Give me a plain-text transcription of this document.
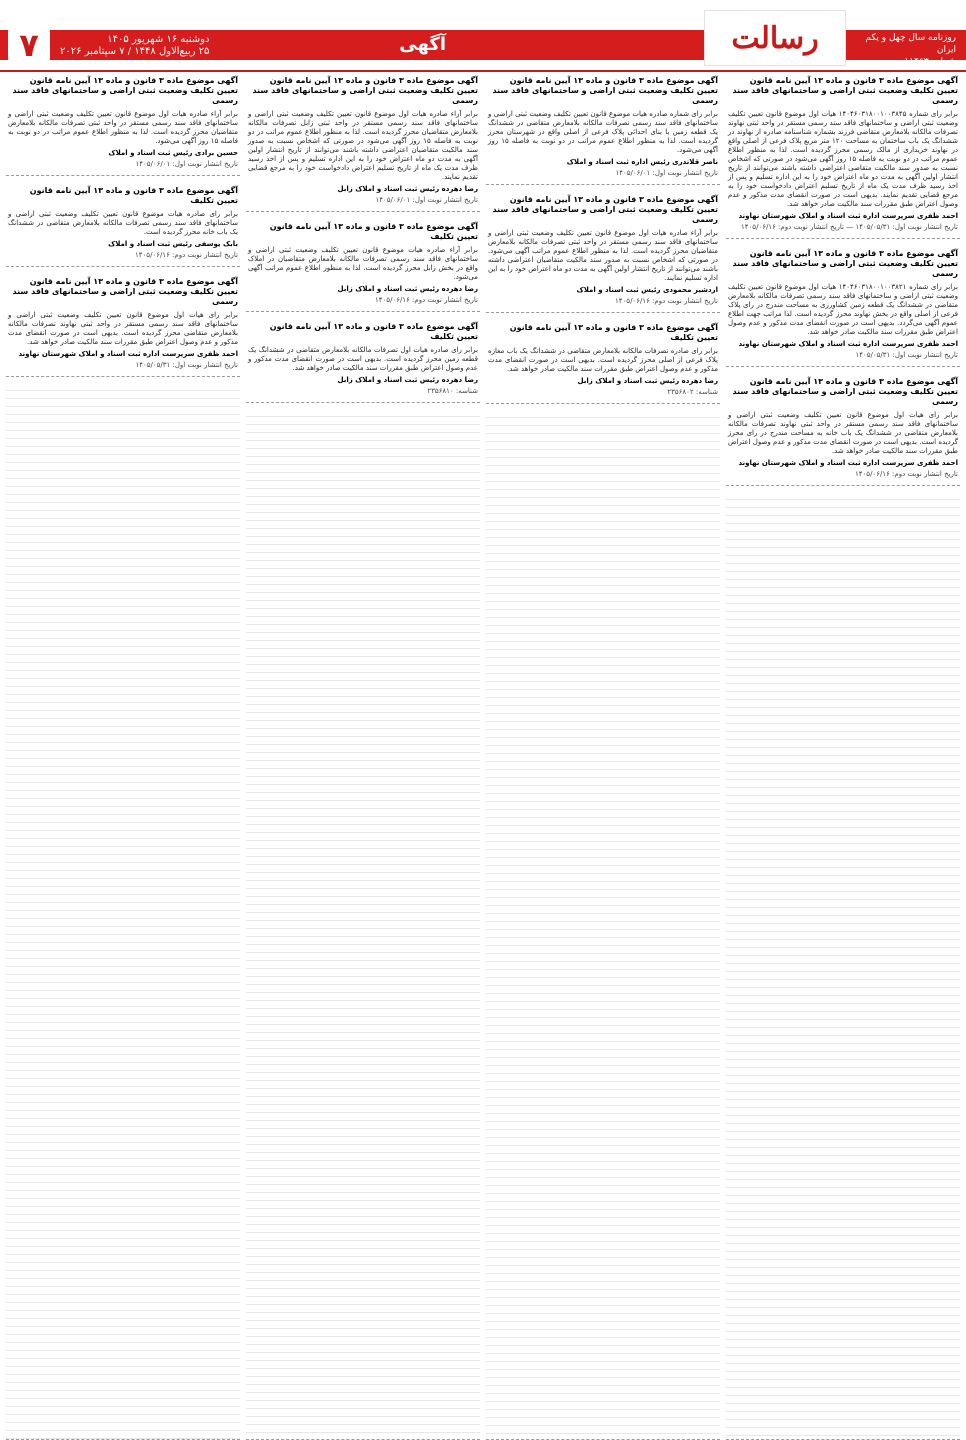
رسالت	روزنامه سال چهل و یکم
ایران
شماره ۱۱۴۶۳
آگهی
دوشنبه ۱۶ شهریور ۱۴۰۵
۲۵ ربیع‌الاول ۱۴۴۸ / ۷ سپتامبر ۲۰۲۶
۷
آگهی موضوع ماده ۳ قانون و ماده ۱۳ آیین نامه قانون تعیین تکلیف وضعیت ثبتی اراضی و ساختمانهای فاقد سند رسمی

برابر رای شماره ۱۴۰۴۶۰۳۱۸۰۰۱۰۰۳۸۴۵ هیات اول موضوع قانون تعیین تکلیف وضعیت ثبتی اراضی و ساختمانهای فاقد سند رسمی مستقر در واحد ثبتی نهاوند تصرفات مالکانه بلامعارض متقاضی فرزند بشماره شناسنامه صادره از نهاوند در ششدانگ یک باب ساختمان به مساحت ۱۲۰ متر مربع پلاک فرعی از اصلی واقع در نهاوند خریداری از مالک رسمی محرز گردیده است. لذا به منظور اطلاع عموم مراتب در دو نوبت به فاصله ۱۵ روز آگهی می‌شود در صورتی که اشخاص نسبت به صدور سند مالکیت متقاضی اعتراضی داشته باشند می‌توانند از تاریخ انتشار اولین آگهی به مدت دو ماه اعتراض خود را به این اداره تسلیم و پس از اخذ رسید ظرف مدت یک ماه از تاریخ تسلیم اعتراض دادخواست خود را به مرجع قضایی تقدیم نمایند. بدیهی است در صورت انقضای مدت مذکور و عدم وصول اعتراض طبق مقررات سند مالکیت صادر خواهد شد.

احمد ظفری سرپرست اداره ثبت اسناد و املاک شهرستان نهاوند
تاریخ انتشار نوبت اول: ۱۴۰۵/۰۵/۳۱ — تاریخ انتشار نوبت دوم: ۱۴۰۵/۰۶/۱۶
آگهی موضوع ماده ۳ قانون و ماده ۱۳ آیین نامه قانون تعیین تکلیف وضعیت ثبتی اراضی و ساختمانهای فاقد سند رسمی

برابر رای شماره ۱۴۰۴۶۰۳۱۸۰۰۱۰۰۳۸۲۱ هیات اول موضوع قانون تعیین تکلیف وضعیت ثبتی اراضی و ساختمانهای فاقد سند رسمی تصرفات مالکانه بلامعارض متقاضی در ششدانگ یک قطعه زمین کشاورزی به مساحت مندرج در رای پلاک فرعی از اصلی واقع در بخش نهاوند محرز گردیده است. لذا مراتب جهت اطلاع عموم آگهی می‌گردد. بدیهی است در صورت انقضای مدت مذکور و عدم وصول اعتراض طبق مقررات سند مالکیت صادر خواهد شد.

احمد ظفری سرپرست اداره ثبت اسناد و املاک شهرستان نهاوند
تاریخ انتشار نوبت اول: ۱۴۰۵/۰۵/۳۱
آگهی موضوع ماده ۳ قانون و ماده ۱۳ آیین نامه قانون تعیین تکلیف وضعیت ثبتی اراضی و ساختمانهای فاقد سند رسمی

برابر رای هیات اول موضوع قانون تعیین تکلیف وضعیت ثبتی اراضی و ساختمانهای فاقد سند رسمی مستقر در واحد ثبتی نهاوند تصرفات مالکانه بلامعارض متقاضی در ششدانگ یک باب خانه به مساحت مندرج در رای محرز گردیده است. بدیهی است در صورت انقضای مدت مذکور و عدم وصول اعتراض طبق مقررات سند مالکیت صادر خواهد شد.

احمد ظفری سرپرست اداره ثبت اسناد و املاک شهرستان نهاوند
تاریخ انتشار نوبت دوم: ۱۴۰۵/۰۶/۱۶
آگهی موضوع ماده ۳ قانون و ماده ۱۳ آیین نامه قانون تعیین تکلیف وضعیت ثبتی اراضی و ساختمانهای فاقد سند رسمی

برابر رای شماره صادره هیات موضوع قانون تعیین تکلیف وضعیت ثبتی اراضی و ساختمانهای فاقد سند رسمی تصرفات مالکانه بلامعارض متقاضی در ششدانگ یک قطعه زمین با بنای احداثی پلاک فرعی از اصلی واقع در شهرستان محرز گردیده است. لذا به منظور اطلاع عموم مراتب در دو نوبت به فاصله ۱۵ روز آگهی می‌شود.

ناصر قلاندری رئیس اداره ثبت اسناد و املاک
تاریخ انتشار نوبت اول: ۱۴۰۵/۰۶/۰۱
آگهی موضوع ماده ۳ قانون و ماده ۱۳ آیین نامه قانون تعیین تکلیف وضعیت ثبتی اراضی و ساختمانهای فاقد سند رسمی

برابر آراء صادره هیات اول موضوع قانون تعیین تکلیف وضعیت ثبتی اراضی و ساختمانهای فاقد سند رسمی مستقر در واحد ثبتی تصرفات مالکانه بلامعارض متقاضیان محرز گردیده است. لذا به منظور اطلاع عموم مراتب آگهی می‌شود. در صورتی که اشخاص نسبت به صدور سند مالکیت متقاضیان اعتراضی داشته باشند می‌توانند از تاریخ انتشار اولین آگهی به مدت دو ماه اعتراض خود را به این اداره تسلیم نمایند.

اردشیر محمودی رئیس ثبت اسناد و املاک
تاریخ انتشار نوبت دوم: ۱۴۰۵/۰۶/۱۶
آگهی موضوع ماده ۳ قانون و ماده ۱۳ آیین نامه قانون تعیین تکلیف

برابر رای صادره تصرفات مالکانه بلامعارض متقاضی در ششدانگ یک باب مغازه پلاک فرعی از اصلی محرز گردیده است. بدیهی است در صورت انقضای مدت مذکور و عدم وصول اعتراض طبق مقررات سند مالکیت صادر خواهد شد.

رضا دهرده رئیس ثبت اسناد و املاک زابل
شناسه: ۲۳۵۶۸۰۲
آگهی موضوع ماده ۳ قانون و ماده ۱۳ آیین نامه قانون تعیین تکلیف وضعیت ثبتی اراضی و ساختمانهای فاقد سند رسمی

برابر آراء صادره هیات اول موضوع قانون تعیین تکلیف وضعیت ثبتی اراضی و ساختمانهای فاقد سند رسمی مستقر در واحد ثبتی زابل تصرفات مالکانه بلامعارض متقاضیان محرز گردیده است. لذا به منظور اطلاع عموم مراتب در دو نوبت به فاصله ۱۵ روز آگهی می‌شود در صورتی که اشخاص نسبت به صدور سند مالکیت متقاضیان اعتراضی داشته باشند می‌توانند از تاریخ انتشار اولین آگهی به مدت دو ماه اعتراض خود را به این اداره تسلیم و پس از اخذ رسید ظرف مدت یک ماه از تاریخ تسلیم اعتراض دادخواست خود را به مرجع قضایی تقدیم نمایند.

رضا دهرده رئیس ثبت اسناد و املاک زابل
تاریخ انتشار نوبت اول: ۱۴۰۵/۰۶/۰۱
آگهی موضوع ماده ۳ قانون و ماده ۱۳ آیین نامه قانون تعیین تکلیف

برابر آراء صادره هیات موضوع قانون تعیین تکلیف وضعیت ثبتی اراضی و ساختمانهای فاقد سند رسمی تصرفات مالکانه بلامعارض متقاضیان در املاک واقع در بخش زابل محرز گردیده است. لذا به منظور اطلاع عموم مراتب آگهی می‌شود.

رضا دهرده رئیس ثبت اسناد و املاک زابل
تاریخ انتشار نوبت دوم: ۱۴۰۵/۰۶/۱۶
آگهی موضوع ماده ۳ قانون و ماده ۱۳ آیین نامه قانون تعیین تکلیف

برابر رای صادره هیات اول تصرفات مالکانه بلامعارض متقاضی در ششدانگ یک قطعه زمین محرز گردیده است. بدیهی است در صورت انقضای مدت مذکور و عدم وصول اعتراض طبق مقررات سند مالکیت صادر خواهد شد.

رضا دهرده رئیس ثبت اسناد و املاک زابل
شناسه: ۲۳۵۶۸۱۰
آگهی موضوع ماده ۳ قانون و ماده ۱۳ آیین نامه قانون تعیین تکلیف وضعیت ثبتی اراضی و ساختمانهای فاقد سند رسمی

برابر آراء صادره هیات اول موضوع قانون تعیین تکلیف وضعیت ثبتی اراضی و ساختمانهای فاقد سند رسمی مستقر در واحد ثبتی تصرفات مالکانه بلامعارض متقاضیان محرز گردیده است. لذا به منظور اطلاع عموم مراتب در دو نوبت به فاصله ۱۵ روز آگهی می‌شود.

حسین برادی رئیس ثبت اسناد و املاک
تاریخ انتشار نوبت اول: ۱۴۰۵/۰۶/۰۱
آگهی موضوع ماده ۳ قانون و ماده ۱۳ آیین نامه قانون تعیین تکلیف

برابر رای صادره هیات موضوع قانون تعیین تکلیف وضعیت ثبتی اراضی و ساختمانهای فاقد سند رسمی تصرفات مالکانه بلامعارض متقاضی در ششدانگ یک باب خانه محرز گردیده است.

بابک یوسفی رئیس ثبت اسناد و املاک
تاریخ انتشار نوبت دوم: ۱۴۰۵/۰۶/۱۶
آگهی موضوع ماده ۳ قانون و ماده ۱۳ آیین نامه قانون تعیین تکلیف وضعیت ثبتی اراضی و ساختمانهای فاقد سند رسمی

برابر رای هیات اول موضوع قانون تعیین تکلیف وضعیت ثبتی اراضی و ساختمانهای فاقد سند رسمی مستقر در واحد ثبتی نهاوند تصرفات مالکانه بلامعارض متقاضی محرز گردیده است. بدیهی است در صورت انقضای مدت مذکور و عدم وصول اعتراض طبق مقررات سند مالکیت صادر خواهد شد.

احمد ظفری سرپرست اداره ثبت اسناد و املاک شهرستان نهاوند
تاریخ انتشار نوبت اول: ۱۴۰۵/۰۵/۳۱
